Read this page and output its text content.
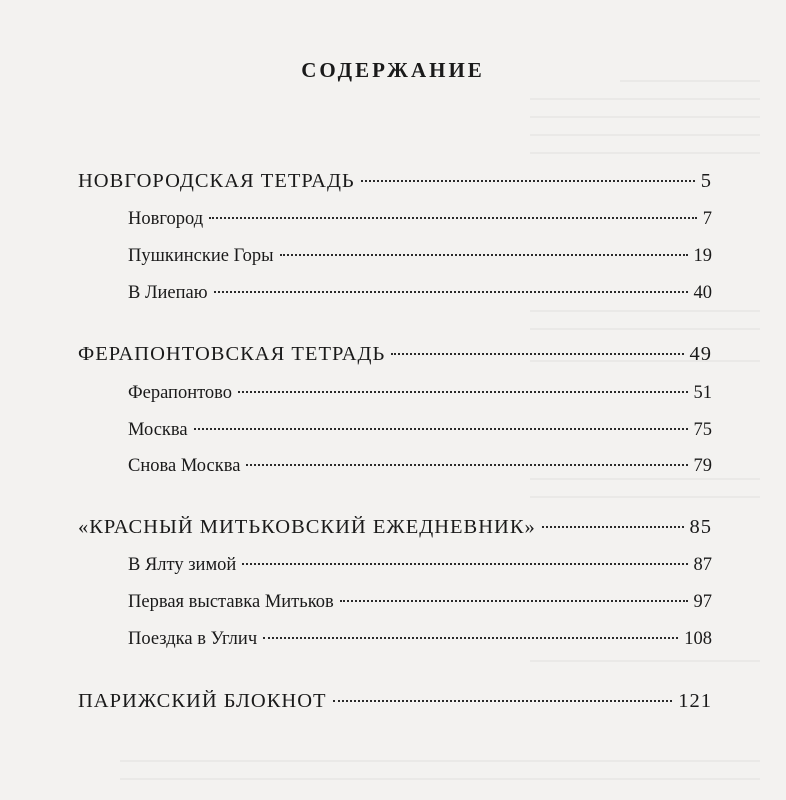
СОДЕРЖАНИЕ
НОВГОРОДСКАЯ ТЕТРАДЬ	5
Новгород	7
Пушкинские Горы	19
В Лиепаю	40
ФЕРАПОНТОВСКАЯ ТЕТРАДЬ	49
Ферапонтово	51
Москва	75
Снова Москва	79
«КРАСНЫЙ МИТЬКОВСКИЙ ЕЖЕДНЕВНИК»	85
В Ялту зимой	87
Первая выставка Митьков	97
Поездка в Углич	108
ПАРИЖСКИЙ БЛОКНОТ	121
